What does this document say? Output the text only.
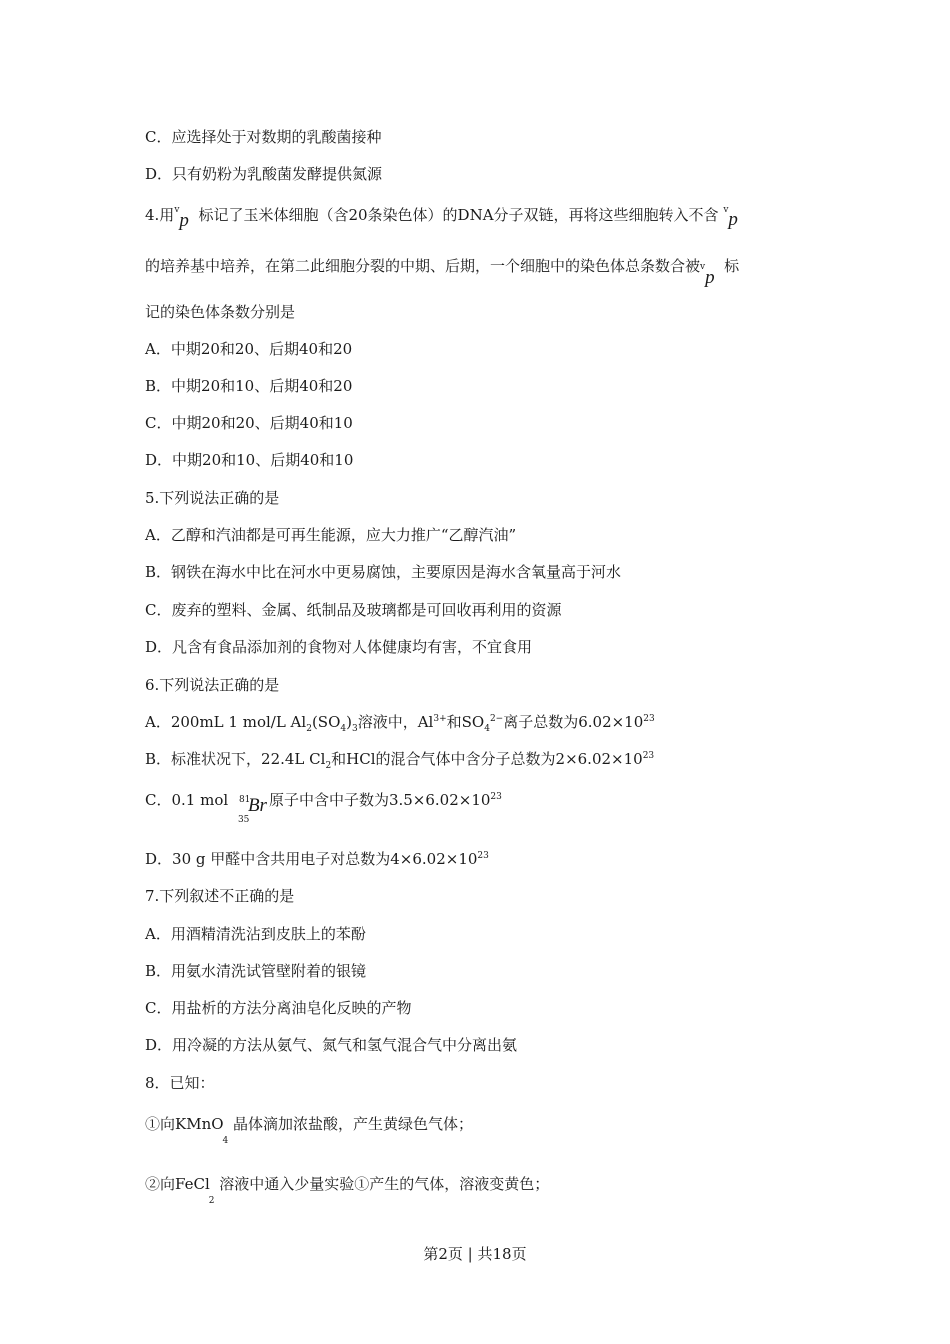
C．应选择处于对数期的乳酸菌接种
D．只有奶粉为乳酸菌发酵提供氮源
4.用vp 标记了玉米体细胞（含20条染色体）的DNA分子双链，再将这些细胞转入不含 vp
的培养基中培养，在第二此细胞分裂的中期、后期，一个细胞中的染色体总条数合被vp  标
记的染色体条数分别是
A．中期20和20、后期40和20
B．中期20和10、后期40和20
C．中期20和20、后期40和10
D．中期20和10、后期40和10
5.下列说法正确的是
A．乙醇和汽油都是可再生能源，应大力推广“乙醇汽油”
B．钢铁在海水中比在河水中更易腐蚀，主要原因是海水含氧量高于河水
C．废弃的塑料、金属、纸制品及玻璃都是可回收再利用的资源
D．凡含有食品添加剂的食物对人体健康均有害，不宜食用
6.下列说法正确的是
A．200mL 1 mol/L $Al_2(SO_4)_3$溶液中，$Al^{3+}$和$SO_4^{2-}$离子总数为$6.02\times 10^{23}$
B．标准状况下，22.4L $Cl_2$和HCl的混合气体中含分子总数为$2\times 6.02\times 10^{23}$
C．0.1 mol 81
35
Br 原子中含中子数为$3.5\times 6.02\times 10^{23}$
D．30 g 甲醛中含共用电子对总数为$4\times 6.02\times 10^{23}$
7.下列叙述不正确的是
A．用酒精清洗沾到皮肤上的苯酚
B．用氨水清洗试管壁附着的银镜
C．用盐析的方法分离油皂化反映的产物
D．用冷凝的方法从氨气、氮气和氢气混合气中分离出氨
8．已知：
①向KMnO$_4$ 晶体滴加浓盐酸，产生黄绿色气体；
②向FeCl$_2$ 溶液中通入少量实验①产生的气体，溶液变黄色；
第2页 | 共18页
